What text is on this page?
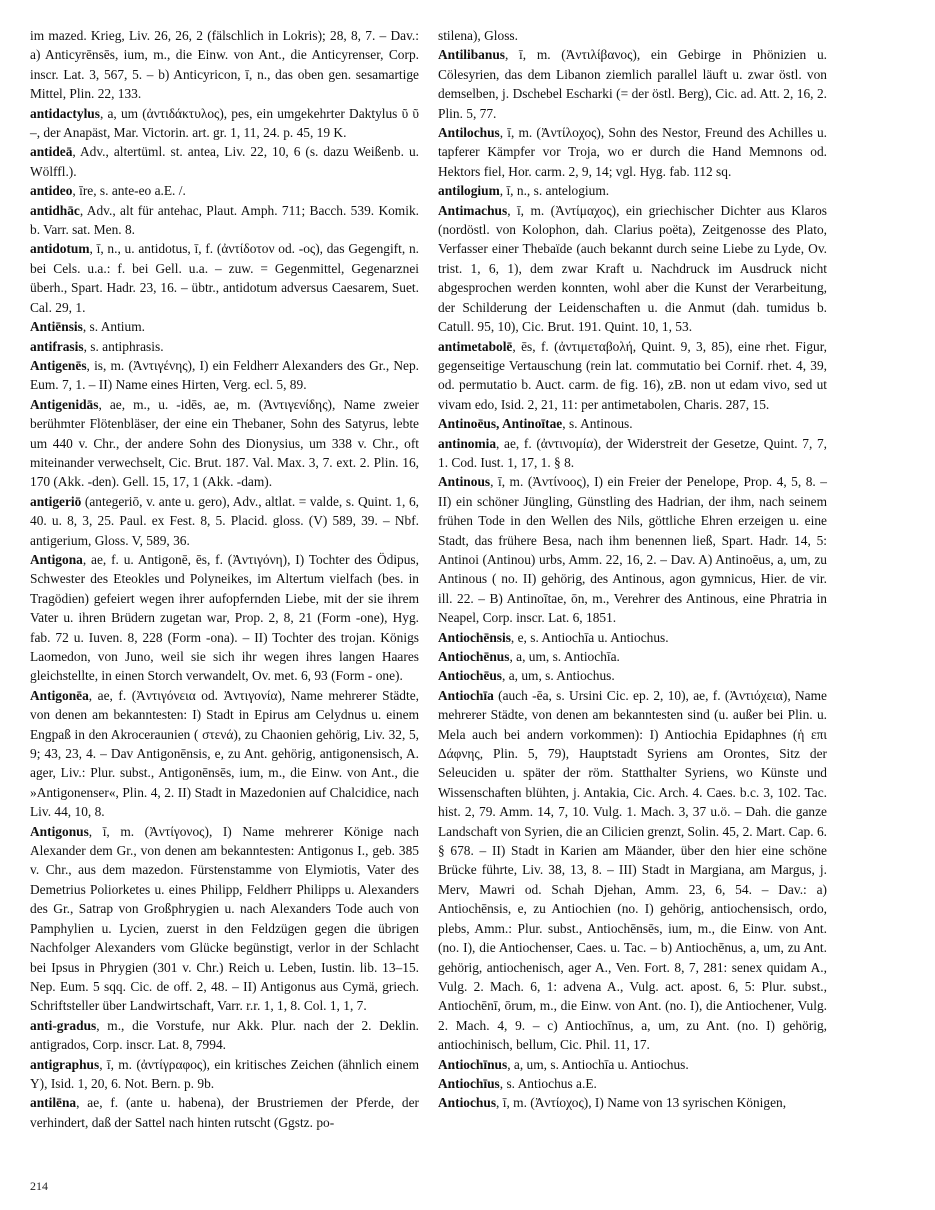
im mazed. Krieg, Liv. 26, 26, 2 (fälschlich in Lokris); 28, 8, 7. – Dav.: a) Anticyrēnsēs, ium, m., die Einw. von Ant., die Anticyrenser, Corp. inscr. Lat. 3, 567, 5. – b) Anticyricon, ī, n., das oben gen. sesamartige Mittel, Plin. 22, 133.

antidactylus, a, um (ἀντιδάκτυλος), pes, ein umgekehrter Daktylus ῦ ῦ –, der Anapäst, Mar. Victorin. art. gr. 1, 11, 24. p. 45, 19 K.

antideā, Adv., altertüml. st. antea, Liv. 22, 10, 6 (s. dazu Weißenb. u. Wölffl.).

antideo, īre, s. ante-eo a.E. /.

antidhāc, Adv., alt für antehac, Plaut. Amph. 711; Bacch. 539. Komik. b. Varr. sat. Men. 8.

antidotum, ī, n., u. antidotus, ī, f. (ἀντίδοτον od. -ος), das Gegengift, n. bei Cels. u.a.: f. bei Gell. u.a. – zuw. = Gegenmittel, Gegenarznei überh., Spart. Hadr. 23, 16. – übtr., antidotum adversus Caesarem, Suet. Cal. 29, 1.

Antiēnsis, s. Antium.

antifrasis, s. antiphrasis.

Antigenēs, is, m. (Ἀντιγένης), I) ein Feldherr Alexanders des Gr., Nep. Eum. 7, 1. – II) Name eines Hirten, Verg. ecl. 5, 89.

Antigenidās, ae, m., u. -idēs, ae, m. (Ἀντιγενίδης), Name zweier berühmter Flötenbläser, der eine ein Thebaner, Sohn des Satyrus, lebte um 440 v. Chr., der andere Sohn des Dionysius, um 338 v. Chr., oft miteinander verwechselt, Cic. Brut. 187. Val. Max. 3, 7. ext. 2. Plin. 16, 170 (Akk. -den). Gell. 15, 17, 1 (Akk. -dam).

antigeriō (antegeriō, v. ante u. gero), Adv., altlat. = valde, s. Quint. 1, 6, 40. u. 8, 3, 25. Paul. ex Fest. 8, 5. Placid. gloss. (V) 589, 39. – Nbf. antigerium, Gloss. V, 589, 36.

Antigona, ae, f. u. Antigonē, ēs, f. (Ἀντιγόνη), I) Tochter des Ödipus, Schwester des Eteokles und Polyneikes, im Altertum vielfach (bes. in Tragödien) gefeiert wegen ihrer aufopfernden Liebe, mit der sie ihrem Vater u. ihren Brüdern zugetan war, Prop. 2, 8, 21 (Form -one), Hyg. fab. 72 u. Iuven. 8, 228 (Form -ona). – II) Tochter des trojan. Königs Laomedon, von Juno, weil sie sich ihr wegen ihres langen Haares gleichstellte, in einen Storch verwandelt, Ov. met. 6, 93 (Form - one).

Antigonēa, ae, f. (Ἀντιγόνεια od. Ἀντιγονία), Name mehrerer Städte, von denen am bekanntesten: I) Stadt in Epirus am Celydnus u. einem Engpaß in den Akroceraunien ( στενά), zu Chaonien gehörig, Liv. 32, 5, 9; 43, 23, 4. – Dav Antigonēnsis, e, zu Ant. gehörig, antigonensisch, A. ager, Liv.: Plur. subst., Antigonēnsēs, ium, m., die Einw. von Ant., die »Antigonenser«, Plin. 4, 2. II) Stadt in Mazedonien auf Chalcidice, nach Liv. 44, 10, 8.

Antigonus, ī, m. (Ἀντίγονος), I) Name mehrerer Könige nach Alexander dem Gr., von denen am bekanntesten: Antigonus I., geb. 385 v. Chr., aus dem mazedon. Fürstenstamme von Elymiotis, Vater des Demetrius Poliorketes u. eines Philipp, Feldherr Philipps u. Alexanders des Gr., Satrap von Großphrygien u. nach Alexanders Tode auch von Pamphylien u. Lycien, zuerst in den Feldzügen gegen die übrigen Nachfolger Alexanders vom Glücke begünstigt, verlor in der Schlacht bei Ipsus in Phrygien (301 v. Chr.) Reich u. Leben, Iustin. lib. 13–15. Nep. Eum. 5 sqq. Cic. de off. 2, 48. – II) Antigonus aus Cymä, griech. Schriftsteller über Landwirtschaft, Varr. r.r. 1, 1, 8. Col. 1, 1, 7.

anti-gradus, m., die Vorstufe, nur Akk. Plur. nach der 2. Deklin. antigrados, Corp. inscr. Lat. 8, 7994.

antigraphus, ī, m. (ἀντίγραφος), ein kritisches Zeichen (ähnlich einem Y), Isid. 1, 20, 6. Not. Bern. p. 9b.

antilēna, ae, f. (ante u. habena), der Brustriemen der Pferde, der verhindert, daß der Sattel nach hinten rutscht (Ggstz. po-

stilena), Gloss.

Antilibanus, ī, m. (Ἀντιλίβανος), ein Gebirge in Phönizien u. Cölesyrien, das dem Libanon ziemlich parallel läuft u. zwar östl. von demselben, j. Dschebel Escharki (= der östl. Berg), Cic. ad. Att. 2, 16, 2. Plin. 5, 77.

Antilochus, ī, m. (Ἀντίλοχος), Sohn des Nestor, Freund des Achilles u. tapferer Kämpfer vor Troja, wo er durch die Hand Memnons od. Hektors fiel, Hor. carm. 2, 9, 14; vgl. Hyg. fab. 112 sq.

antilogium, ī, n., s. antelogium.

Antimachus, ī, m. (Ἀντίμαχος), ein griechischer Dichter aus Klaros (nordöstl. von Kolophon, dah. Clarius poëta), Zeitgenosse des Plato, Verfasser einer Thebaïde (auch bekannt durch seine Liebe zu Lyde, Ov. trist. 1, 6, 1), dem zwar Kraft u. Nachdruck im Ausdruck nicht abgesprochen werden konnten, wohl aber die Kunst der Verarbeitung, der Schilderung der Leidenschaften u. die Anmut (dah. tumidus b. Catull. 95, 10), Cic. Brut. 191. Quint. 10, 1, 53.

antimetabolē, ēs, f. (ἀντιμεταβολή, Quint. 9, 3, 85), eine rhet. Figur, gegenseitige Vertauschung (rein lat. commutatio bei Cornif. rhet. 4, 39, od. permutatio b. Auct. carm. de fig. 16), zB. non ut edam vivo, sed ut vivam edo, Isid. 2, 21, 11: per antimetabolen, Charis. 287, 15.

Antinoēus, Antinoītae, s. Antinous.

antinomia, ae, f. (ἀντινομία), der Widerstreit der Gesetze, Quint. 7, 7, 1. Cod. Iust. 1, 17, 1. § 8.

Antinous, ī, m. (Ἀντίνοος), I) ein Freier der Penelope, Prop. 4, 5, 8. – II) ein schöner Jüngling, Günstling des Hadrian, der ihm, nach seinem frühen Tode in den Wellen des Nils, göttliche Ehren erzeigen u. eine Stadt, das frühere Besa, nach ihm benennen ließ, Spart. Hadr. 14, 5: Antinoi (Antinou) urbs, Amm. 22, 16, 2. – Dav. A) Antinoēus, a, um, zu Antinous ( no. II) gehörig, des Antinous, agon gymnicus, Hier. de vir. ill. 22. – B) Antinoītae, ōn, m., Verehrer des Antinous, eine Phratria in Neapel, Corp. inscr. Lat. 6, 1851.

Antiochēnsis, e, s. Antiochīa u. Antiochus.

Antiochēnus, a, um, s. Antiochīa.

Antiochēus, a, um, s. Antiochus.

Antiochīa (auch -ēa, s. Ursini Cic. ep. 2, 10), ae, f. (Ἀντιόχεια), Name mehrerer Städte, von denen am bekanntesten sind (u. außer bei Plin. u. Mela auch bei andern vorkommen): I) Antiochia Epidaphnes (ἡ επι Δάφνης, Plin. 5, 79), Hauptstadt Syriens am Orontes, Sitz der Seleuciden u. später der röm. Statthalter Syriens, wo Künste und Wissenschaften blühten, j. Antakia, Cic. Arch. 4. Caes. b.c. 3, 102. Tac. hist. 2, 79. Amm. 14, 7, 10. Vulg. 1. Mach. 3, 37 u.ö. – Dah. die ganze Landschaft von Syrien, die an Cilicien grenzt, Solin. 45, 2. Mart. Cap. 6. § 678. – II) Stadt in Karien am Mäander, über den hier eine schöne Brücke führte, Liv. 38, 13, 8. – III) Stadt in Margiana, am Margus, j. Merv, Mawri od. Schah Djehan, Amm. 23, 6, 54. – Dav.: a) Antiochēnsis, e, zu Antiochien (no. I) gehörig, antiochensisch, ordo, plebs, Amm.: Plur. subst., Antiochēnsēs, ium, m., die Einw. von Ant. (no. I), die Antiochenser, Caes. u. Tac. – b) Antiochēnus, a, um, zu Ant. gehörig, antiochenisch, ager A., Ven. Fort. 8, 7, 281: senex quidam A., Vulg. 2. Mach. 6, 1: advena A., Vulg. act. apost. 6, 5: Plur. subst., Antiochēnī, ōrum, m., die Einw. von Ant. (no. I), die Antiochener, Vulg. 2. Mach. 4, 9. – c) Antiochīnus, a, um, zu Ant. (no. I) gehörig, antiochinisch, bellum, Cic. Phil. 11, 17.

Antiochīnus, a, um, s. Antiochīa u. Antiochus.

Antiochīus, s. Antiochus a.E.

Antiochus, ī, m. (Ἀντίοχος), I) Name von 13 syrischen Königen,

214
